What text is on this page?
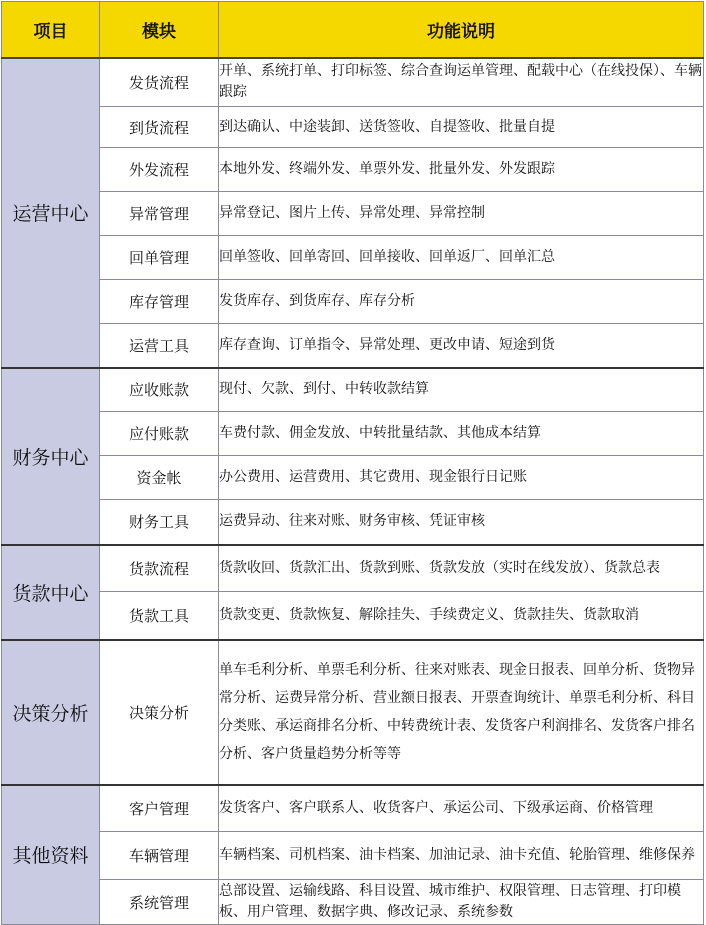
项目	模块	功能说明
运营中心	发货流程	开单、系统打单、打印标签、综合查询运单管理、配载中心（在线投保）、车辆跟踪
	到货流程	到达确认、中途装卸、送货签收、自提签收、批量自提
	外发流程	本地外发、终端外发、单票外发、批量外发、外发跟踪
	异常管理	异常登记、图片上传、异常处理、异常控制
	回单管理	回单签收、回单寄回、回单接收、回单返厂、回单汇总
	库存管理	发货库存、到货库存、库存分析
	运营工具	库存查询、订单指令、异常处理、更改申请、短途到货
财务中心	应收账款	现付、欠款、到付、中转收款结算
	应付账款	车费付款、佣金发放、中转批量结款、其他成本结算
	资金帐	办公费用、运营费用、其它费用、现金银行日记账
	财务工具	运费异动、往来对账、财务审核、凭证审核
货款中心	货款流程	货款收回、货款汇出、货款到账、货款发放（实时在线发放）、货款总表
	货款工具	货款变更、货款恢复、解除挂失、手续费定义、货款挂失、货款取消
决策分析	决策分析	单车毛利分析、单票毛利分析、往来对账表、现金日报表、回单分析、货物异常分析、运费异常分析、营业额日报表、开票查询统计、单票毛利分析、科目分类账、承运商排名分析、中转费统计表、发货客户利润排名、发货客户排名分析、客户货量趋势分析等等
其他资料	客户管理	发货客户、客户联系人、收货客户、承运公司、下级承运商、价格管理
	车辆管理	车辆档案、司机档案、油卡档案、加油记录、油卡充值、轮胎管理、维修保养
	系统管理	总部设置、运输线路、科目设置、城市维护、权限管理、日志管理、打印模板、用户管理、数据字典、修改记录、系统参数
